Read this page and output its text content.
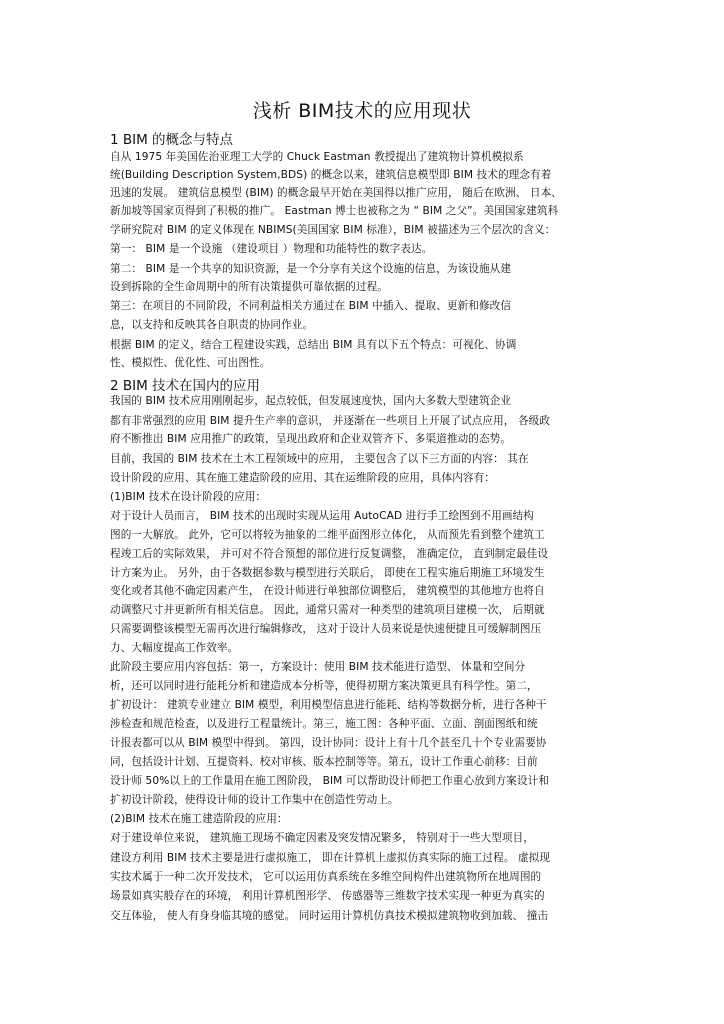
浅析 BIM技术的应用现状
1 BIM 的概念与特点
2 BIM 技术在国内的应用
自从 1975 年美国佐治亚理工大学的 Chuck Eastman 教授提出了建筑物计算机模拟系
统(Building Description System,BDS) 的概念以来，建筑信息模型即 BIM 技术的理念有着
迅速的发展。 建筑信息模型 (BIM) 的概念最早开始在美国得以推广应用， 随后在欧洲、 日本、
新加坡等国家页得到了积极的推广。 Eastman 博士也被称之为 “ BIM 之父”。美国国家建筑科
学研究院对 BIM 的定义体现在 NBIMS(美国国家 BIM 标准），BIM 被描述为三个层次的含义：
第一： BIM 是一个设施 （建设项目 ）物理和功能特性的数字表达。
第二： BIM 是一个共享的知识资源，是一个分享有关这个设施的信息，为该设施从建
设到拆除的全生命周期中的所有决策提供可靠依据的过程。
第三：在项目的不同阶段，不同利益相关方通过在 BIM 中插入、提取、更新和修改信
息，以支持和反映其各自职责的协同作业。
根据 BIM 的定义，结合工程建设实践，总结出 BIM 具有以下五个特点：可视化、协调
性、模拟性、优化性、可出图性。
我国的 BIM 技术应用刚刚起步，起点较低，但发展速度快，国内大多数大型建筑企业
都有非常强烈的应用 BIM 提升生产率的意识， 并逐渐在一些项目上开展了试点应用， 各级政
府不断推出 BIM 应用推广的政策，呈现出政府和企业双管齐下、多渠道推动的态势。
目前，我国的 BIM 技术在土木工程领域中的应用， 主要包含了以下三方面的内容： 其在
设计阶段的应用、其在施工建造阶段的应用、其在运维阶段的应用，具体内容有：
(1)BIM 技术在设计阶段的应用：
对于设计人员而言， BIM 技术的出现时实现从运用 AutoCAD 进行手工绘图到不用画结构
图的一大解放。 此外，它可以将较为抽象的二维平面图形立体化， 从而预先看到整个建筑工
程竣工后的实际效果， 并可对不符合预想的部位进行反复调整， 准确定位， 直到制定最佳设
计方案为止。 另外，由于各数据参数与模型进行关联后， 即使在工程实施后期施工环境发生
变化或者其他不确定因素产生， 在设计师进行单独部位调整后， 建筑模型的其他地方也将自
动调整尺寸并更新所有相关信息。 因此，通常只需对一种类型的建筑项目建模一次， 后期就
只需要调整该模型无需再次进行编辑修改， 这对于设计人员来说是快速便捷且可缓解制图压
力、大幅度提高工作效率。
此阶段主要应用内容包括：第一，方案设计：使用 BIM 技术能进行造型、 体量和空间分
析，还可以同时进行能耗分析和建造成本分析等，使得初期方案决策更具有科学性。第二，
扩初设计： 建筑专业建立 BIM 模型，利用模型信息进行能耗、结构等数据分析，进行各种干
涉检查和规范检查，以及进行工程量统计。第三，施工图：各种平面、立面、剖面图纸和统
计报表都可以从 BIM 模型中得到。 第四，设计协同：设计上有十几个甚至几十个专业需要协
同，包括设计计划、互提资料、校对审核、版本控制等等。第五，设计工作重心前移：目前
设计师 50%以上的工作量用在施工图阶段， BIM 可以帮助设计师把工作重心放到方案设计和
扩初设计阶段，使得设计师的设计工作集中在创造性劳动上。
(2)BIM 技术在施工建造阶段的应用：
对于建设单位来说， 建筑施工现场不确定因素及突发情况繁多， 特别对于一些大型项目，
建设方利用 BIM 技术主要是进行虚拟施工， 即在计算机上虚拟仿真实际的施工过程。 虚拟现
实技术属于一种二次开发技术， 它可以运用仿真系统在多维空间构件出建筑物所在地周围的
场景如真实般存在的环境， 利用计算机图形学、 传感器等三维数字技术实现一种更为真实的
交互体验， 使人有身身临其境的感觉。 同时运用计算机仿真技术模拟建筑物收到加载、 撞击
